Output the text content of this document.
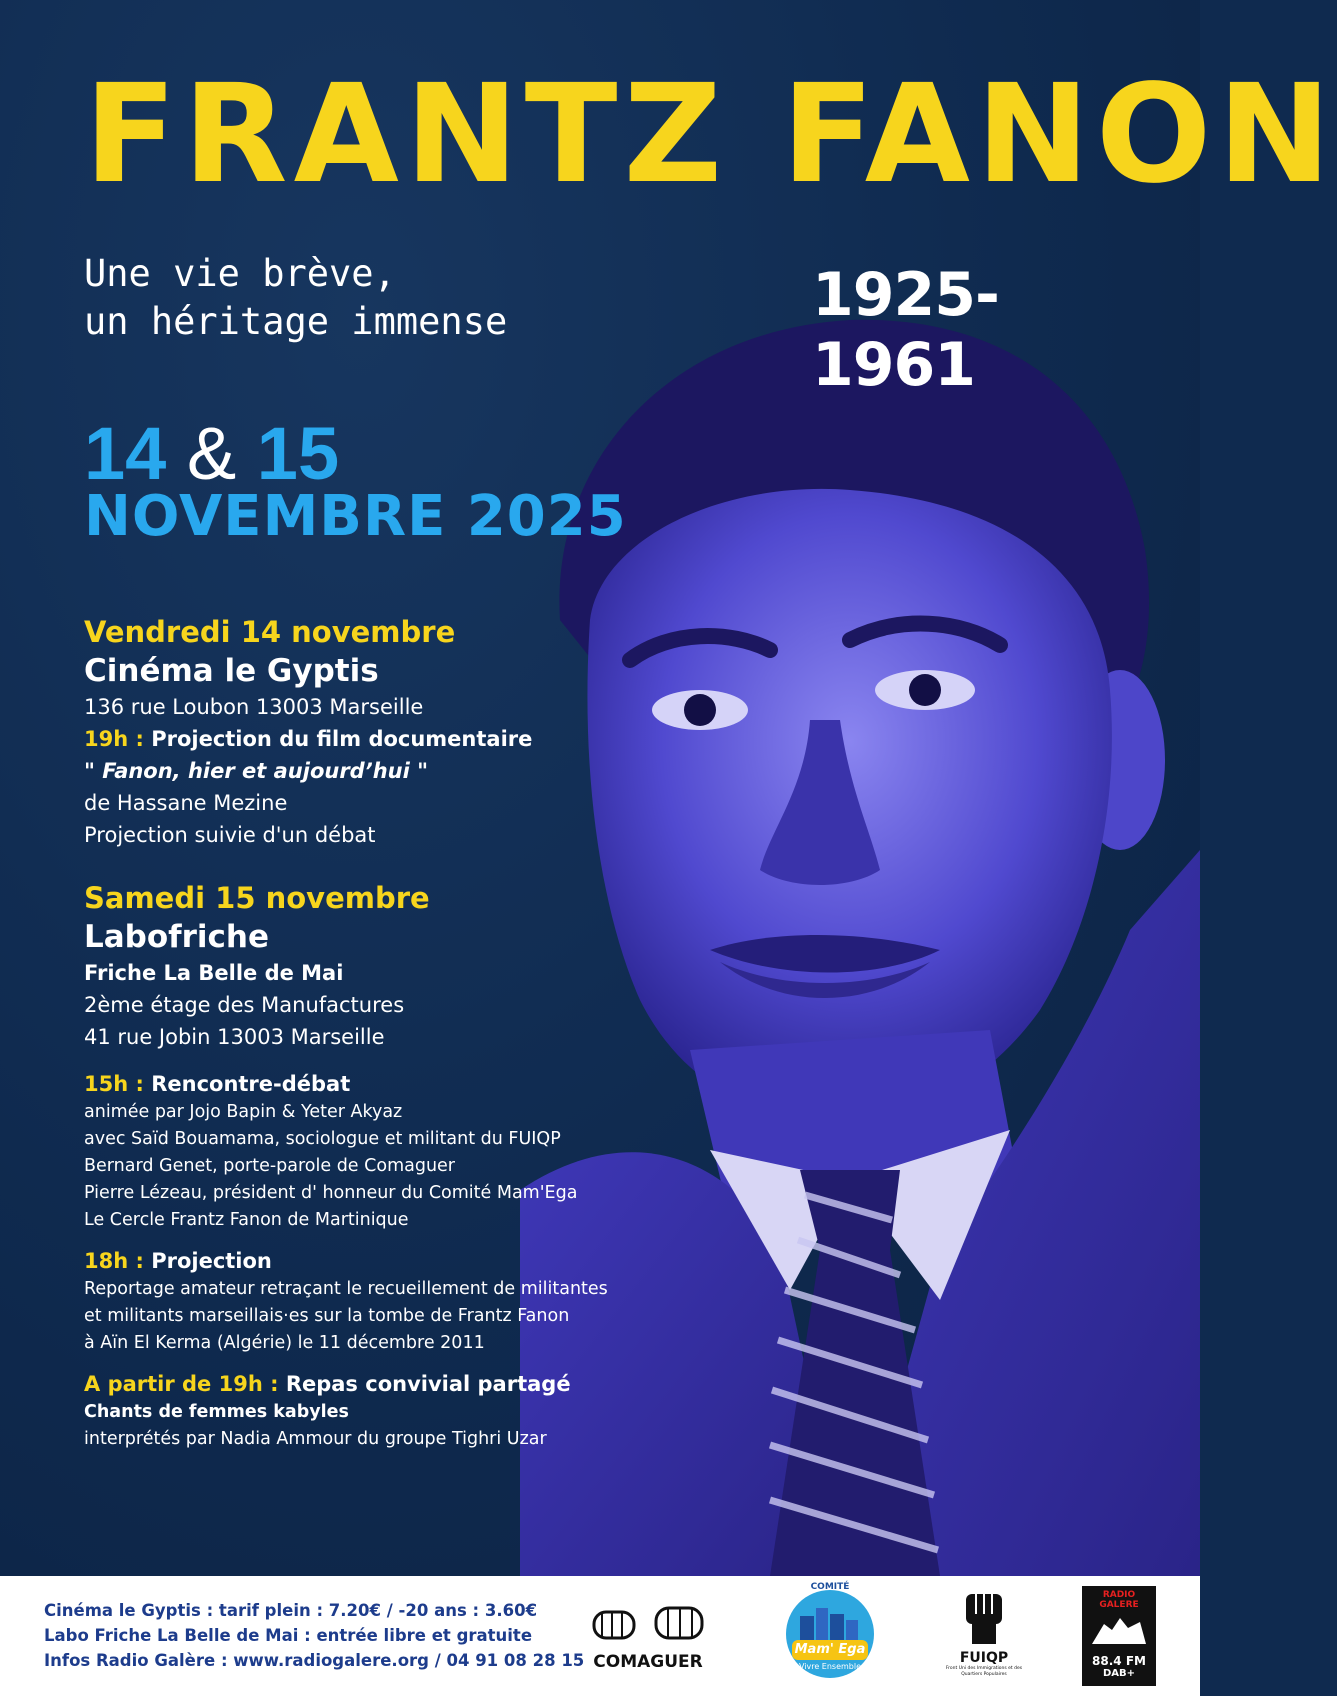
FRANTZ FANON
Une vie brève,
un héritage immense	1925-1961
14 & 15
NOVEMBRE 2025
Vendredi 14 novembre
Cinéma le Gyptis
136 rue Loubon 13003 Marseille
19h : Projection du film documentaire
" Fanon, hier et aujourd’hui "
de Hassane Mezine
Projection suivie d'un débat
Samedi 15 novembre
Labofriche
Friche La Belle de Mai
2ème étage des Manufactures
41 rue Jobin 13003 Marseille
15h : Rencontre-débat
animée par Jojo Bapin & Yeter Akyaz
avec Saïd Bouamama, sociologue et militant du FUIQP
Bernard Genet, porte-parole de Comaguer
Pierre Lézeau, président d' honneur du Comité Mam'Ega
Le Cercle Frantz Fanon de Martinique
18h : Projection
Reportage amateur retraçant le recueillement de militantes
et militants marseillais·es sur la tombe de Frantz Fanon
à Aïn El Kerma (Algérie) le 11 décembre 2011
A partir de 19h : Repas convivial partagé
Chants de femmes kabyles
interprétés par Nadia Ammour du groupe Tighri Uzar
Cinéma le Gyptis : tarif plein : 7.20€ / -20 ans : 3.60€
Labo Friche La Belle de Mai : entrée libre et gratuite
Infos Radio Galère : www.radiogalere.org / 04 91 08 28 15 COMAGUER
COMITÉ
Mam' Ega
Vivre Ensemble
FUIQP
Front Uni des Immigrations et des Quartiers Populaires
RADIO GALERE
88.4 FM
DAB+
